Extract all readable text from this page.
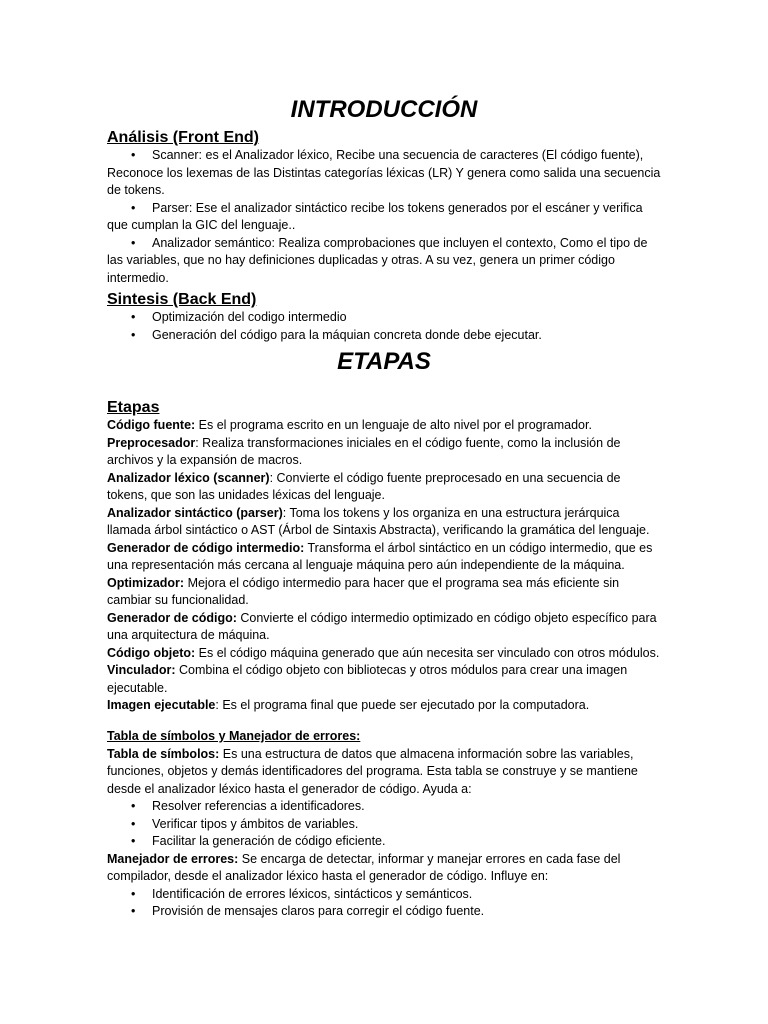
INTRODUCCIÓN
Análisis (Front End)
• Scanner: es el Analizador léxico, Recibe una secuencia de caracteres (El código fuente), Reconoce los lexemas de las Distintas categorías léxicas (LR) Y genera como salida una secuencia de tokens.
• Parser: Ese el analizador sintáctico recibe los tokens generados por el escáner y verifica que cumplan la GIC del lenguaje..
• Analizador semántico: Realiza comprobaciones que incluyen el contexto, Como el tipo de las variables, que no hay definiciones duplicadas y otras. A su vez, genera un primer código intermedio.
Sintesis (Back End)
• Optimización del codigo intermedio
• Generación del código para la máquian concreta donde debe ejecutar.
ETAPAS
Etapas

Código fuente: Es el programa escrito en un lenguaje de alto nivel por el programador.

Preprocesador: Realiza transformaciones iniciales en el código fuente, como la inclusión de archivos y la expansión de macros.

Analizador léxico (scanner): Convierte el código fuente preprocesado en una secuencia de tokens, que son las unidades léxicas del lenguaje.

Analizador sintáctico (parser): Toma los tokens y los organiza en una estructura jerárquica llamada árbol sintáctico o AST (Árbol de Sintaxis Abstracta), verificando la gramática del lenguaje.

Generador de código intermedio: Transforma el árbol sintáctico en un código intermedio, que es una representación más cercana al lenguaje máquina pero aún independiente de la máquina.

Optimizador: Mejora el código intermedio para hacer que el programa sea más eficiente sin cambiar su funcionalidad.

Generador de código: Convierte el código intermedio optimizado en código objeto específico para una arquitectura de máquina.

Código objeto: Es el código máquina generado que aún necesita ser vinculado con otros módulos.

Vinculador: Combina el código objeto con bibliotecas y otros módulos para crear una imagen ejecutable.

Imagen ejecutable: Es el programa final que puede ser ejecutado por la computadora.

Tabla de símbolos y Manejador de errores:

Tabla de símbolos: Es una estructura de datos que almacena información sobre las variables, funciones, objetos y demás identificadores del programa. Esta tabla se construye y se mantiene desde el analizador léxico hasta el generador de código. Ayuda a:

• Resolver referencias a identificadores.
• Verificar tipos y ámbitos de variables.
• Facilitar la generación de código eficiente.

Manejador de errores: Se encarga de detectar, informar y manejar errores en cada fase del compilador, desde el analizador léxico hasta el generador de código. Influye en:

• Identificación de errores léxicos, sintácticos y semánticos.
• Provisión de mensajes claros para corregir el código fuente.
